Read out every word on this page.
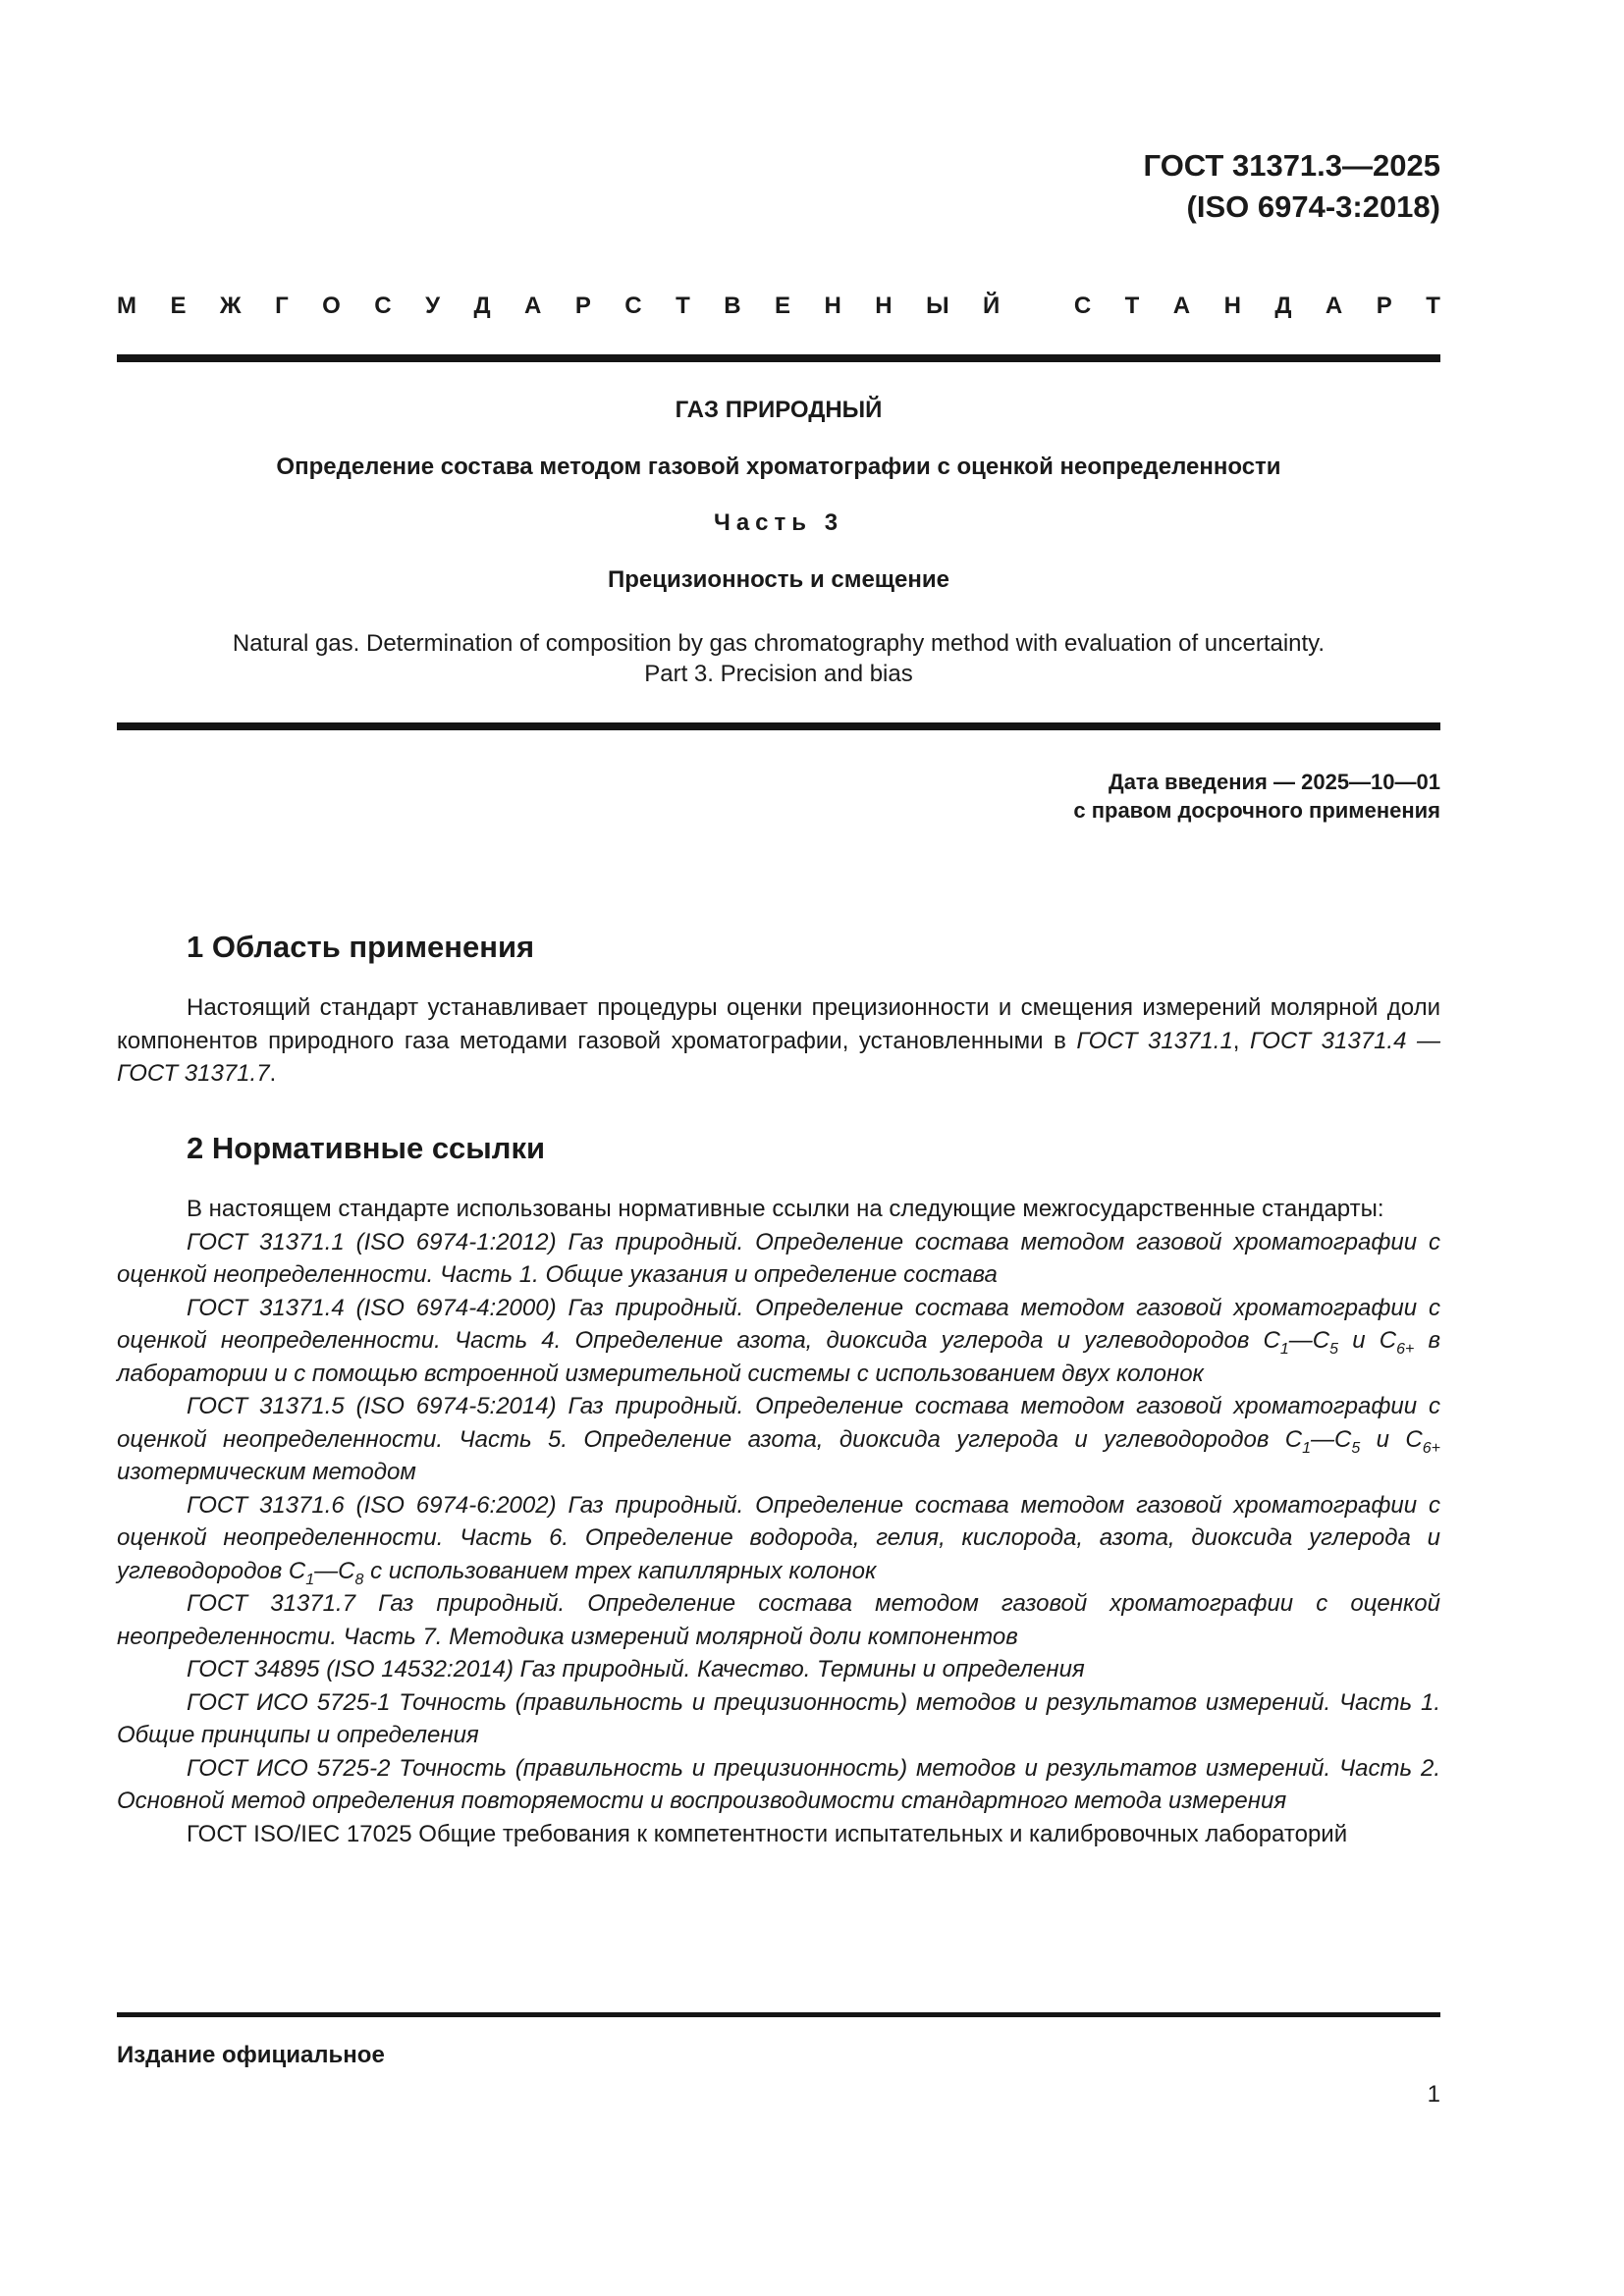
ГОСТ 31371.3—2025
(ISO 6974-3:2018)
М Е Ж Г О С У Д А Р С Т В Е Н Н Ы Й
	С Т А Н Д А Р Т
ГАЗ ПРИРОДНЫЙ
Определение состава методом газовой хроматографии с оценкой неопределенности
Часть 3
Прецизионность и смещение
Natural gas. Determination of composition by gas chromatography method with evaluation of uncertainty.
Part 3. Precision and bias
Дата введения — 2025—10—01
с правом досрочного применения
1 Область применения

Настоящий стандарт устанавливает процедуры оценки прецизионности и смещения измерений молярной доли компонентов природного газа методами газовой хроматографии, установленными в ГОСТ 31371.1, ГОСТ 31371.4 — ГОСТ 31371.7.

2 Нормативные ссылки

В настоящем стандарте использованы нормативные ссылки на следующие межгосударственные стандарты:

ГОСТ 31371.1 (ISO 6974-1:2012) Газ природный. Определение состава методом газовой хроматографии с оценкой неопределенности. Часть 1. Общие указания и определение состава

ГОСТ 31371.4 (ISO 6974-4:2000) Газ природный. Определение состава методом газовой хроматографии с оценкой неопределенности. Часть 4. Определение азота, диоксида углерода и углеводородов $С_1—С_5$ и $С_{6+}$ в лаборатории и с помощью встроенной измерительной системы с использованием двух колонок

ГОСТ 31371.5 (ISO 6974-5:2014) Газ природный. Определение состава методом газовой хроматографии с оценкой неопределенности. Часть 5. Определение азота, диоксида углерода и углеводородов $С_1—С_5$ и $С_{6+}$ изотермическим методом

ГОСТ 31371.6 (ISO 6974-6:2002) Газ природный. Определение состава методом газовой хроматографии с оценкой неопределенности. Часть 6. Определение водорода, гелия, кислорода, азота, диоксида углерода и углеводородов $С_1—С_8$ с использованием трех капиллярных колонок

ГОСТ 31371.7 Газ природный. Определение состава методом газовой хроматографии с оценкой неопределенности. Часть 7. Методика измерений молярной доли компонентов

ГОСТ 34895 (ISO 14532:2014) Газ природный. Качество. Термины и определения

ГОСТ ИСО 5725-1 Точность (правильность и прецизионность) методов и результатов измерений. Часть 1. Общие принципы и определения

ГОСТ ИСО 5725-2 Точность (правильность и прецизионность) методов и результатов измерений. Часть 2. Основной метод определения повторяемости и воспроизводимости стандартного метода измерения

ГОСТ ISO/IEC 17025 Общие требования к компетентности испытательных и калибровочных лабораторий

Издание официальное
1
